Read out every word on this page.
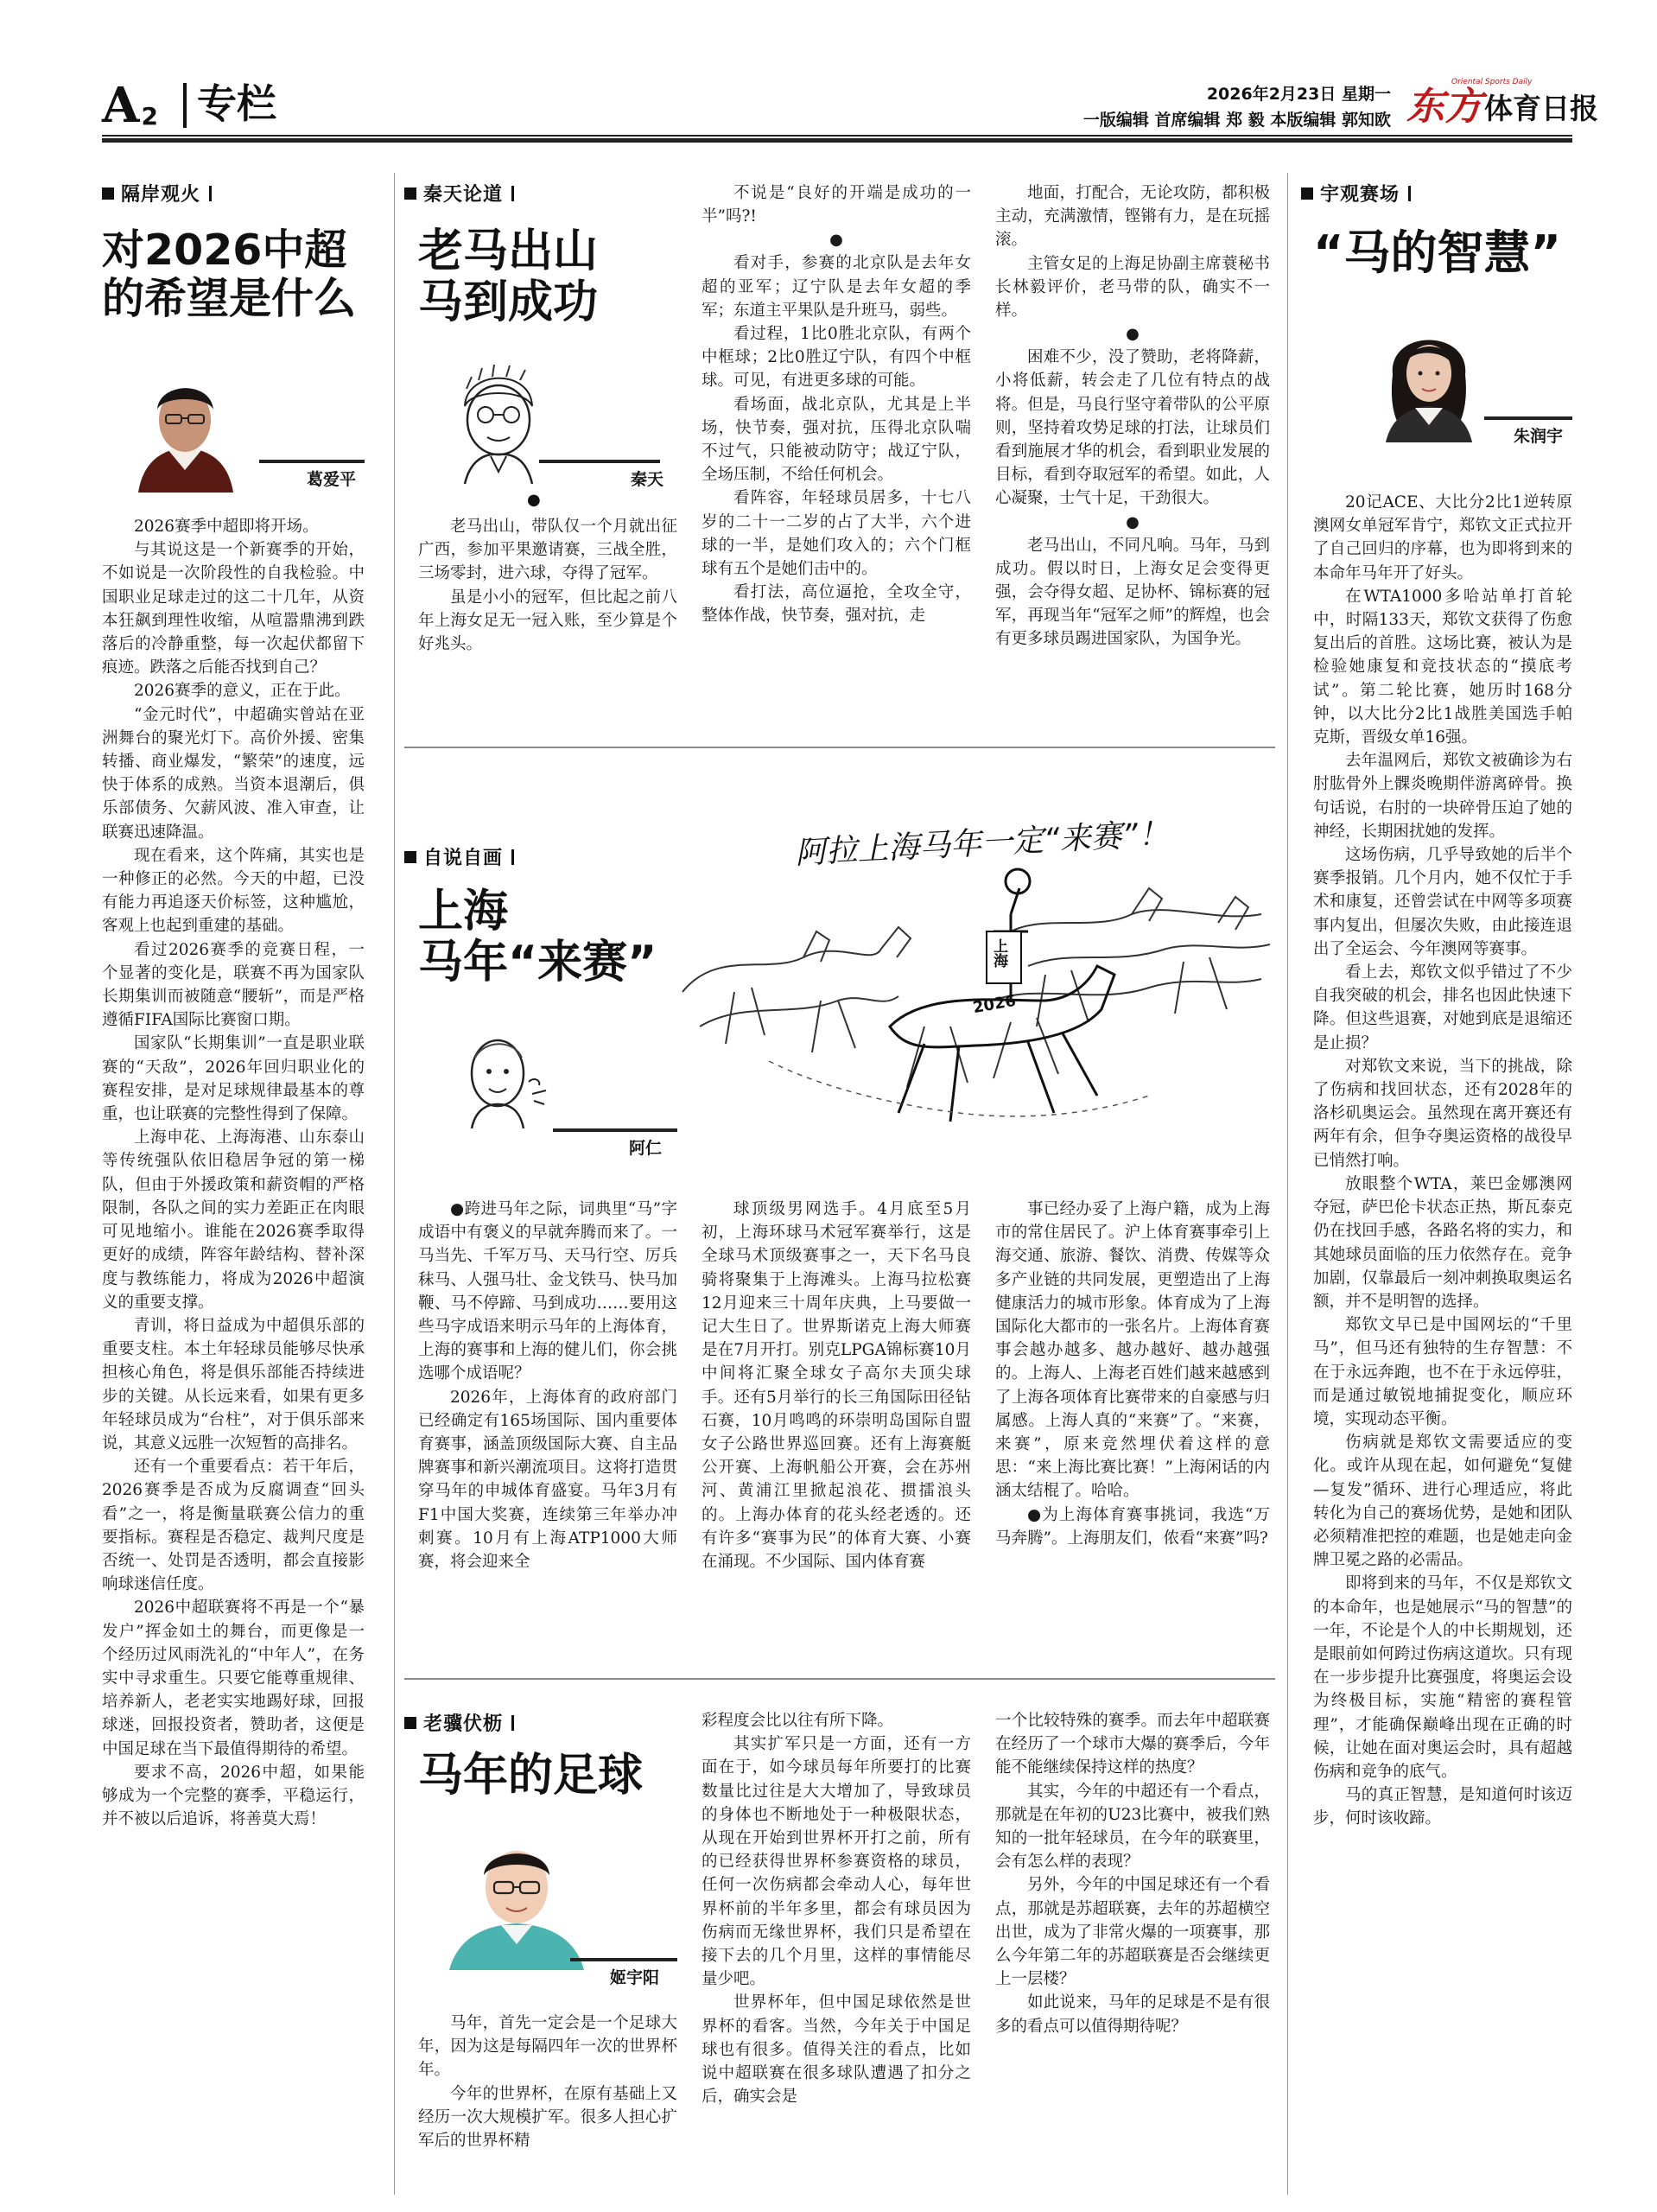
A 2 专栏	2026年2月23日 星期一
一版编辑 首席编辑 郑 毅 本版编辑 郭知欧
Oriental Sports Daily
东方 体育日报
隔岸观火
对2026中超
的希望是什么
葛爱平

2026赛季中超即将开场。

与其说这是一个新赛季的开始，不如说是一次阶段性的自我检验。中国职业足球走过的这二十几年，从资本狂飙到理性收缩，从喧嚣鼎沸到跌落后的冷静重整，每一次起伏都留下痕迹。跌落之后能否找到自己？

2026赛季的意义，正在于此。

“金元时代”，中超确实曾站在亚洲舞台的聚光灯下。高价外援、密集转播、商业爆发，“繁荣”的速度，远快于体系的成熟。当资本退潮后，俱乐部债务、欠薪风波、准入审查，让联赛迅速降温。

现在看来，这个阵痛，其实也是一种修正的必然。今天的中超，已没有能力再追逐天价标签，这种尴尬，客观上也起到重建的基础。

看过2026赛季的竞赛日程，一个显著的变化是，联赛不再为国家队长期集训而被随意“腰斩”，而是严格遵循FIFA国际比赛窗口期。

国家队“长期集训”一直是职业联赛的“天敌”，2026年回归职业化的赛程安排，是对足球规律最基本的尊重，也让联赛的完整性得到了保障。

上海申花、上海海港、山东泰山等传统强队依旧稳居争冠的第一梯队，但由于外援政策和薪资帽的严格限制，各队之间的实力差距正在肉眼可见地缩小。谁能在2026赛季取得更好的成绩，阵容年龄结构、替补深度与教练能力，将成为2026中超演义的重要支撑。

青训，将日益成为中超俱乐部的重要支柱。本土年轻球员能够尽快承担核心角色，将是俱乐部能否持续进步的关键。从长远来看，如果有更多年轻球员成为“台柱”，对于俱乐部来说，其意义远胜一次短暂的高排名。

还有一个重要看点：若干年后，2026赛季是否成为反腐调查“回头看”之一，将是衡量联赛公信力的重要指标。赛程是否稳定、裁判尺度是否统一、处罚是否透明，都会直接影响球迷信任度。

2026中超联赛将不再是一个“暴发户”挥金如土的舞台，而更像是一个经历过风雨洗礼的“中年人”，在务实中寻求重生。只要它能尊重规律、培养新人，老老实实地踢好球，回报球迷，回报投资者，赞助者，这便是中国足球在当下最值得期待的希望。

要求不高，2026中超，如果能够成为一个完整的赛季，平稳运行，并不被以后追诉，将善莫大焉！

秦天论道
老马出山
马到成功
秦天

●

老马出山，带队仅一个月就出征广西，参加平果邀请赛，三战全胜，三场零封，进六球，夺得了冠军。

虽是小小的冠军，但比起之前八年上海女足无一冠入账，至少算是个好兆头。

不说是“良好的开端是成功的一半”吗?!

●

看对手，参赛的北京队是去年女超的亚军；辽宁队是去年女超的季军；东道主平果队是升班马，弱些。

看过程，1比0胜北京队，有两个中框球；2比0胜辽宁队，有四个中框球。可见，有进更多球的可能。

看场面，战北京队，尤其是上半场，快节奏，强对抗，压得北京队喘不过气，只能被动防守；战辽宁队，全场压制，不给任何机会。

看阵容，年轻球员居多，十七八岁的二十一二岁的占了大半，六个进球的一半，是她们攻入的；六个门框球有五个是她们击中的。

看打法，高位逼抢，全攻全守，整体作战，快节奏，强对抗，走

地面，打配合，无论攻防，都积极主动，充满激情，铿锵有力，是在玩摇滚。

主管女足的上海足协副主席蓑秘书长林毅评价，老马带的队，确实不一样。

●

困难不少，没了赞助，老将降薪，小将低薪，转会走了几位有特点的战将。但是，马良行坚守着带队的公平原则，坚持着攻势足球的打法，让球员们看到施展才华的机会，看到职业发展的目标，看到夺取冠军的希望。如此，人心凝聚，士气十足，干劲很大。

●

老马出山，不同凡响。马年，马到成功。假以时日，上海女足会变得更强，会夺得女超、足协杯、锦标赛的冠军，再现当年“冠军之师”的辉煌，也会有更多球员踢进国家队，为国争光。

宇观赛场
“马的智慧”
朱润宇

20记ACE、大比分2比1逆转原澳网女单冠军肯宁，郑钦文正式拉开了自己回归的序幕，也为即将到来的本命年马年开了好头。

在WTA1000多哈站单打首轮中，时隔133天，郑钦文获得了伤愈复出后的首胜。这场比赛，被认为是检验她康复和竞技状态的“摸底考试”。第二轮比赛，她历时168分钟，以大比分2比1战胜美国选手帕克斯，晋级女单16强。

去年温网后，郑钦文被确诊为右肘肱骨外上髁炎晚期伴游离碎骨。换句话说，右肘的一块碎骨压迫了她的神经，长期困扰她的发挥。

这场伤病，几乎导致她的后半个赛季报销。几个月内，她不仅忙于手术和康复，还曾尝试在中网等多项赛事内复出，但屡次失败，由此接连退出了全运会、今年澳网等赛事。

看上去，郑钦文似乎错过了不少自我突破的机会，排名也因此快速下降。但这些退赛，对她到底是退缩还是止损？

对郑钦文来说，当下的挑战，除了伤病和找回状态，还有2028年的洛杉矶奥运会。虽然现在离开赛还有两年有余，但争夺奥运资格的战役早已悄然打响。

放眼整个WTA，莱巴金娜澳网夺冠，萨巴伦卡状态正热，斯瓦泰克仍在找回手感，各路名将的实力，和其她球员面临的压力依然存在。竞争加剧，仅靠最后一刻冲刺换取奥运名额，并不是明智的选择。

郑钦文早已是中国网坛的“千里马”，但马还有独特的生存智慧：不在于永远奔跑，也不在于永远停驻，而是通过敏锐地捕捉变化，顺应环境，实现动态平衡。

伤病就是郑钦文需要适应的变化。或许从现在起，如何避免“复健—复发”循环、进行心理适应，将此转化为自己的赛场优势，是她和团队必须精准把控的难题，也是她走向金牌卫冕之路的必需品。

即将到来的马年，不仅是郑钦文的本命年，也是她展示“马的智慧”的一年，不论是个人的中长期规划，还是眼前如何跨过伤病这道坎。只有现在一步步提升比赛强度，将奥运会设为终极目标，实施“精密的赛程管理”，才能确保巅峰出现在正确的时候，让她在面对奥运会时，具有超越伤病和竞争的底气。

马的真正智慧，是知道何时该迈步，何时该收蹄。

自说自画
上海
马年“来赛”
阿仁
阿拉上海马年一定“来赛”！
上海
2026

●跨进马年之际，词典里“马”字成语中有褒义的早就奔腾而来了。一马当先、千军万马、天马行空、厉兵秣马、人强马壮、金戈铁马、快马加鞭、马不停蹄、马到成功……要用这些马字成语来明示马年的上海体育，上海的赛事和上海的健儿们，你会挑选哪个成语呢？

2026年，上海体育的政府部门已经确定有165场国际、国内重要体育赛事，涵盖顶级国际大赛、自主品牌赛事和新兴潮流项目。这将打造贯穿马年的申城体育盛宴。马年3月有F1中国大奖赛，连续第三年举办冲刺赛。10月有上海ATP1000大师赛，将会迎来全

球顶级男网选手。4月底至5月初，上海环球马术冠军赛举行，这是全球马术顶级赛事之一，天下名马良骑将聚集于上海滩头。上海马拉松赛12月迎来三十周年庆典，上马要做一记大生日了。世界斯诺克上海大师赛是在7月开打。别克LPGA锦标赛10月中间将汇聚全球女子高尔夫顶尖球手。还有5月举行的长三角国际田径钻石赛，10月鸣鸣的环崇明岛国际自盟女子公路世界巡回赛。还有上海赛艇公开赛、上海帆船公开赛，会在苏州河、黄浦江里掀起浪花、掼擂浪头的。上海办体育的花头经老透的。还有许多“赛事为民”的体育大赛、小赛在涌现。不少国际、国内体育赛

事已经办妥了上海户籍，成为上海市的常住居民了。沪上体育赛事牵引上海交通、旅游、餐饮、消费、传媒等众多产业链的共同发展，更塑造出了上海健康活力的城市形象。体育成为了上海国际化大都市的一张名片。上海体育赛事会越办越多、越办越好、越办越强的。上海人、上海老百姓们越来越感到了上海各项体育比赛带来的自豪感与归属感。上海人真的“来赛”了。“来赛，来赛”，原来竞然埋伏着这样的意思：“来上海比赛比赛！”上海闲话的内涵太结棍了。哈哈。

●为上海体育赛事挑词，我选“万马奔腾”。上海朋友们，侬看“来赛”吗?

老骥伏枥
马年的足球
姬宇阳

马年，首先一定会是一个足球大年，因为这是每隔四年一次的世界杯年。

今年的世界杯，在原有基础上又经历一次大规模扩军。很多人担心扩军后的世界杯精

彩程度会比以往有所下降。

其实扩军只是一方面，还有一方面在于，如今球员每年所要打的比赛数量比过往是大大增加了，导致球员的身体也不断地处于一种极限状态，从现在开始到世界杯开打之前，所有的已经获得世界杯参赛资格的球员，任何一次伤病都会牵动人心，每年世界杯前的半年多里，都会有球员因为伤病而无缘世界杯，我们只是希望在接下去的几个月里，这样的事情能尽量少吧。

世界杯年，但中国足球依然是世界杯的看客。当然，今年关于中国足球也有很多。值得关注的看点，比如说中超联赛在很多球队遭遇了扣分之后，确实会是

一个比较特殊的赛季。而去年中超联赛在经历了一个球市大爆的赛季后，今年能不能继续保持这样的热度？

其实，今年的中超还有一个看点，那就是在年初的U23比赛中，被我们熟知的一批年轻球员，在今年的联赛里，会有怎么样的表现？

另外，今年的中国足球还有一个看点，那就是苏超联赛，去年的苏超横空出世，成为了非常火爆的一项赛事，那么今年第二年的苏超联赛是否会继续更上一层楼？

如此说来，马年的足球是不是有很多的看点可以值得期待呢？
